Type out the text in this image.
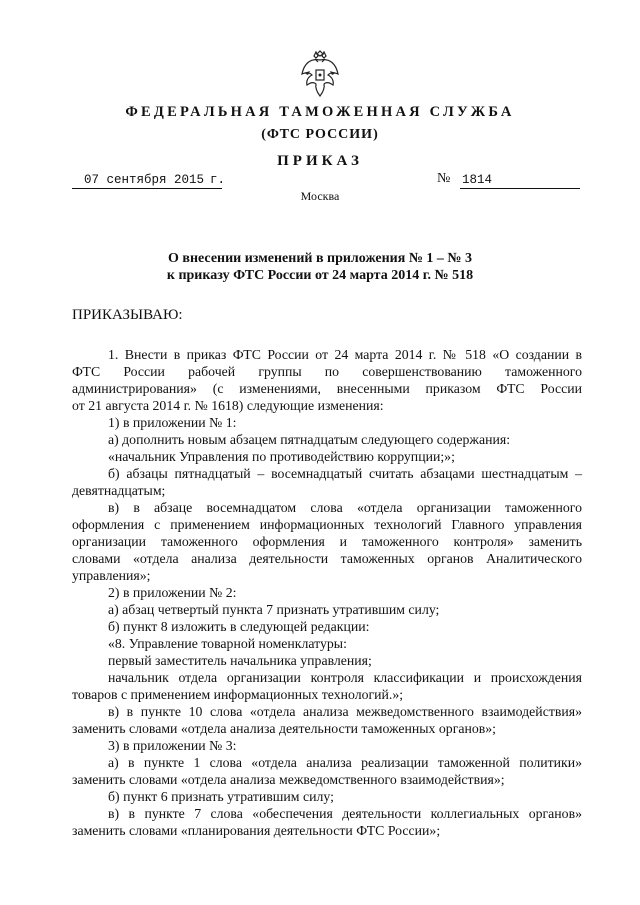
ФЕДЕРАЛЬНАЯ ТАМОЖЕННАЯ СЛУЖБА
(ФТС РОССИИ)
ПРИКАЗ
07 сентября 2015 г.	№ 1814
Москва
О внесении изменений в приложения № 1 – № 3
к приказу ФТС России от 24 марта 2014 г. № 518
ПРИКАЗЫВАЮ:

1. Внести в приказ ФТС России от 24 марта 2014 г. № 518 «О создании в

ФТС России рабочей группы по совершенствованию таможенного

администрирования» (с изменениями, внесенными приказом ФТС России

от 21 августа 2014 г. № 1618) следующие изменения:

1) в приложении № 1:

а) дополнить новым абзацем пятнадцатым следующего содержания:

«начальник Управления по противодействию коррупции;»;

б) абзацы пятнадцатый – восемнадцатый считать абзацами шестнадцатым –

девятнадцатым;

в) в абзаце восемнадцатом слова «отдела организации таможенного

оформления с применением информационных технологий Главного управления

организации таможенного оформления и таможенного контроля» заменить

словами «отдела анализа деятельности таможенных органов Аналитического

управления»;

2) в приложении № 2:

а) абзац четвертый пункта 7 признать утратившим силу;

б) пункт 8 изложить в следующей редакции:

«8. Управление товарной номенклатуры:

первый заместитель начальника управления;

начальник отдела организации контроля классификации и происхождения

товаров с применением информационных технологий.»;

в) в пункте 10 слова «отдела анализа межведомственного взаимодействия»

заменить словами «отдела анализа деятельности таможенных органов»;

3) в приложении № 3:

а) в пункте 1 слова «отдела анализа реализации таможенной политики»

заменить словами «отдела анализа межведомственного взаимодействия»;

б) пункт 6 признать утратившим силу;

в) в пункте 7 слова «обеспечения деятельности коллегиальных органов»

заменить словами «планирования деятельности ФТС России»;
